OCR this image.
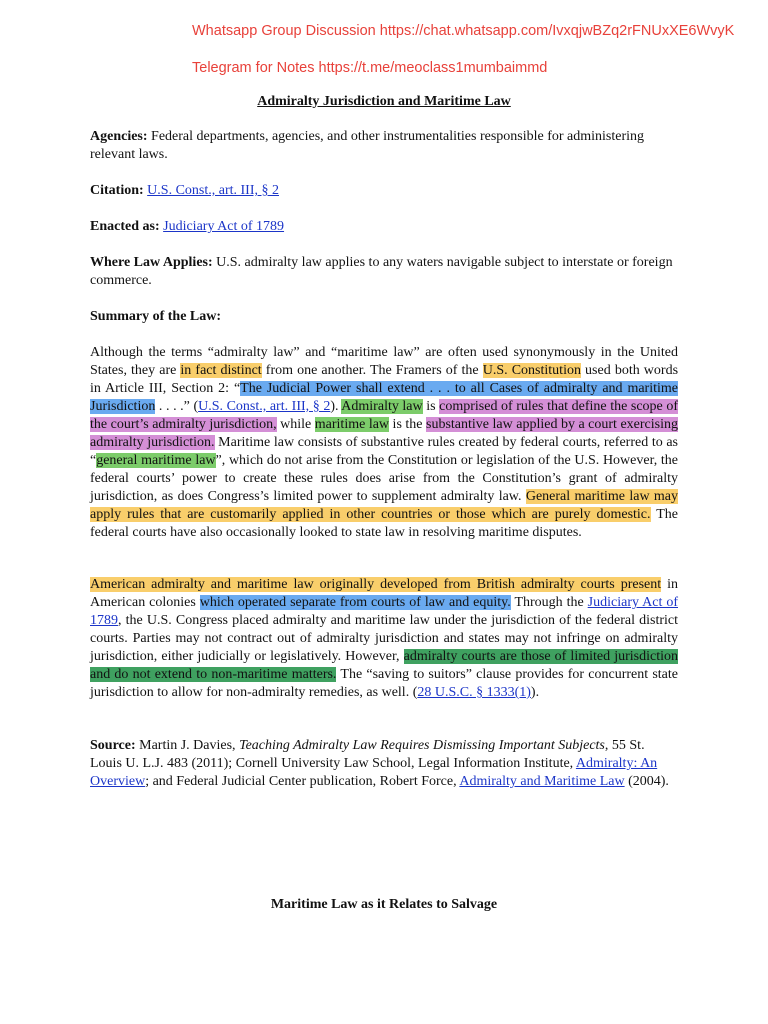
Whatsapp Group Discussion https://chat.whatsapp.com/IvxqjwBZq2rFNUxXE6WvyK
Telegram for Notes https://t.me/meoclass1mumbaimmd
Admiralty Jurisdiction and Maritime Law
Agencies: Federal departments, agencies, and other instrumentalities responsible for administering relevant laws.
Citation: U.S. Const., art. III, § 2
Enacted as: Judiciary Act of 1789
Where Law Applies: U.S. admiralty law applies to any waters navigable subject to interstate or foreign commerce.
Summary of the Law:
Although the terms “admiralty law” and “maritime law” are often used synonymously in the United States, they are in fact distinct from one another. The Framers of the U.S. Constitution used both words in Article III, Section 2: “The Judicial Power shall extend . . . to all Cases of admiralty and maritime Jurisdiction . . . .” (U.S. Const., art. III, § 2). Admiralty law is comprised of rules that define the scope of the court’s admiralty jurisdiction, while maritime law is the substantive law applied by a court exercising admiralty jurisdiction. Maritime law consists of substantive rules created by federal courts, referred to as “general maritime law”, which do not arise from the Constitution or legislation of the U.S. However, the federal courts’ power to create these rules does arise from the Constitution’s grant of admiralty jurisdiction, as does Congress’s limited power to supplement admiralty law. General maritime law may apply rules that are customarily applied in other countries or those which are purely domestic. The federal courts have also occasionally looked to state law in resolving maritime disputes.
American admiralty and maritime law originally developed from British admiralty courts present in American colonies which operated separate from courts of law and equity. Through the Judiciary Act of 1789, the U.S. Congress placed admiralty and maritime law under the jurisdiction of the federal district courts. Parties may not contract out of admiralty jurisdiction and states may not infringe on admiralty jurisdiction, either judicially or legislatively. However, admiralty courts are those of limited jurisdiction and do not extend to non-maritime matters. The “saving to suitors” clause provides for concurrent state jurisdiction to allow for non-admiralty remedies, as well. (28 U.S.C. § 1333(1)).
Source: Martin J. Davies, Teaching Admiralty Law Requires Dismissing Important Subjects, 55 St. Louis U. L.J. 483 (2011); Cornell University Law School, Legal Information Institute, Admiralty: An Overview; and Federal Judicial Center publication, Robert Force, Admiralty and Maritime Law (2004).
Maritime Law as it Relates to Salvage
